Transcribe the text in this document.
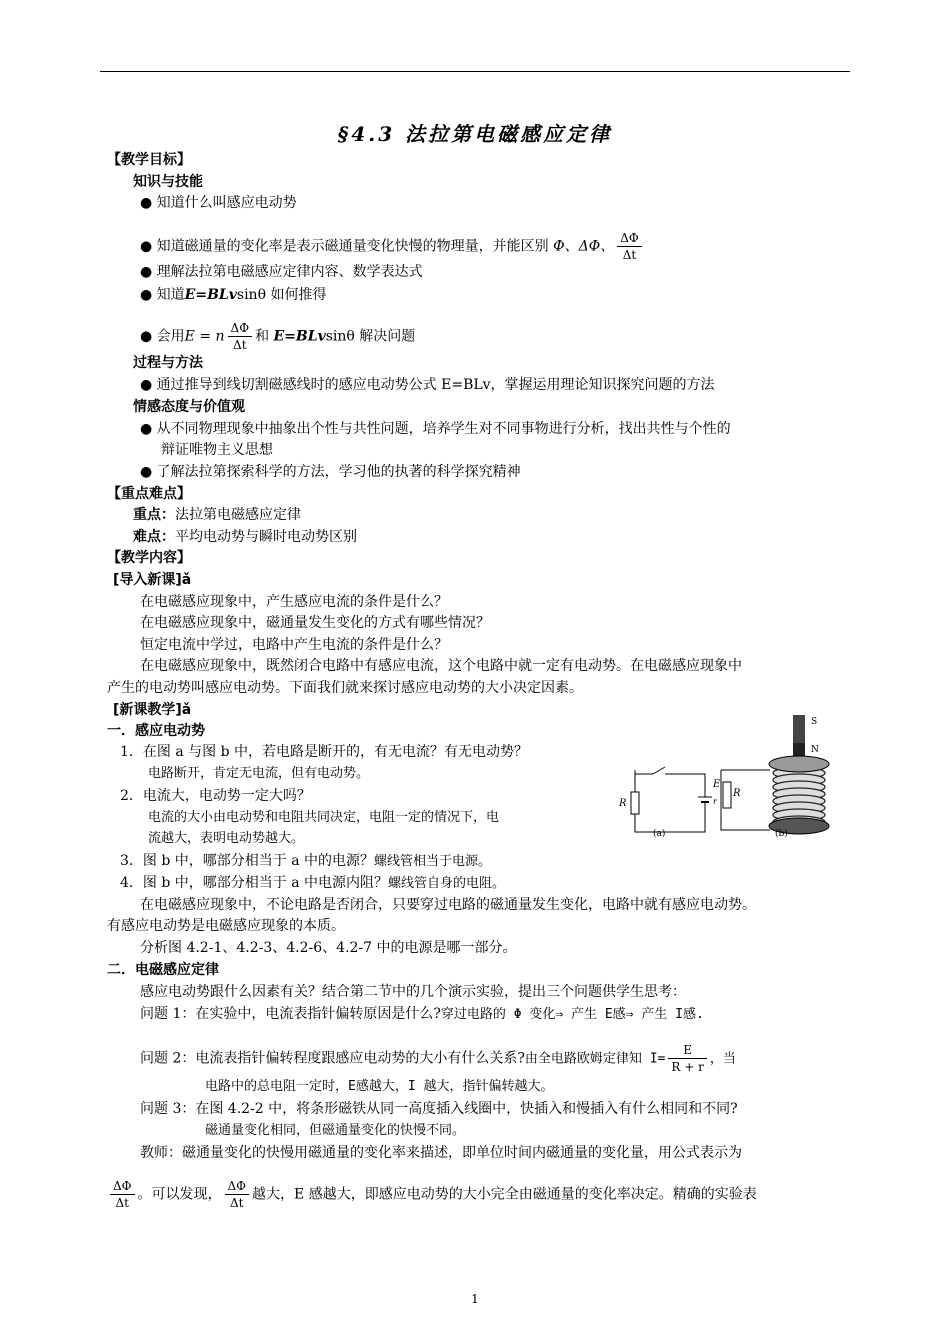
§4.3 法拉第电磁感应定律
【教学目标】
知识与技能
● 知道什么叫感应电动势
● 知道磁通量的变化率是表示磁通量变化快慢的物理量，并能区别 Φ、ΔΦ、 $\frac{\Delta\Phi}{\Delta t}$
● 理解法拉第电磁感应定律内容、数学表达式
● 知道E=BLvsinθ 如何推得
● 会用E = n $\frac{\Delta\Phi}{\Delta t}$ 和 E=BLvsinθ 解决问题
过程与方法
● 通过推导到线切割磁感线时的感应电动势公式 E=BLv，掌握运用理论知识探究问题的方法
情感态度与价值观
● 从不同物理现象中抽象出个性与共性问题，培养学生对不同事物进行分析，找出共性与个性的
辩证唯物主义思想
● 了解法拉第探索科学的方法，学习他的执著的科学探究精神
【重点难点】
重点：法拉第电磁感应定律
难点：平均电动势与瞬时电动势区别
【教学内容】
[导入新课]ǎ
在电磁感应现象中，产生感应电流的条件是什么？
在电磁感应现象中，磁通量发生变化的方式有哪些情况？
恒定电流中学过，电路中产生电流的条件是什么？
在电磁感应现象中，既然闭合电路中有感应电流，这个电路中就一定有电动势。在电磁感应现象中
产生的电动势叫感应电动势。下面我们就来探讨感应电动势的大小决定因素。
[新课教学]ǎ
一．感应电动势
1．在图 a 与图 b 中，若电路是断开的，有无电流？有无电动势？
电路断开，肯定无电流，但有电动势。
2．电流大，电动势一定大吗？
电流的大小由电动势和电阻共同决定，电阻一定的情况下，电
流越大，表明电动势越大。
3．图 b 中，哪部分相当于 a 中的电源？螺线管相当于电源。
4．图 b 中，哪部分相当于 a 中电源内阻？螺线管自身的电阻。
在电磁感应现象中，不论电路是否闭合，只要穿过电路的磁通量发生变化，电路中就有感应电动势。
有感应电动势是电磁感应现象的本质。
分析图 4.2-1、4.2-3、4.2-6、4.2-7 中的电源是哪一部分。
二．电磁感应定律
感应电动势跟什么因素有关？结合第二节中的几个演示实验，提出三个问题供学生思考：
问题 1：在实验中，电流表指针偏转原因是什么?穿过电路的 Φ 变化⇒ 产生 E感⇒ 产生 I感.
问题 2：电流表指针偏转程度跟感应电动势的大小有什么关系?由全电路欧姆定律知 $I= \frac{E}{R + r}$ ，当
电路中的总电阻一定时，E感越大，I 越大，指针偏转越大。
问题 3：在图 4.2-2 中，将条形磁铁从同一高度插入线圈中，快插入和慢插入有什么相同和不同?
磁通量变化相同，但磁通量变化的快慢不同。
教师：磁通量变化的快慢用磁通量的变化率来描述，即单位时间内磁通量的变化量，用公式表示为
$\frac{\Delta\Phi}{\Delta t}$ 。可以发现， $\frac{\Delta\Phi}{\Delta t}$ 越大，E 感越大，即感应电动势的大小完全由磁通量的变化率决定。精确的实验表
R
E
r
(a)
R
S
N
(b)
1
